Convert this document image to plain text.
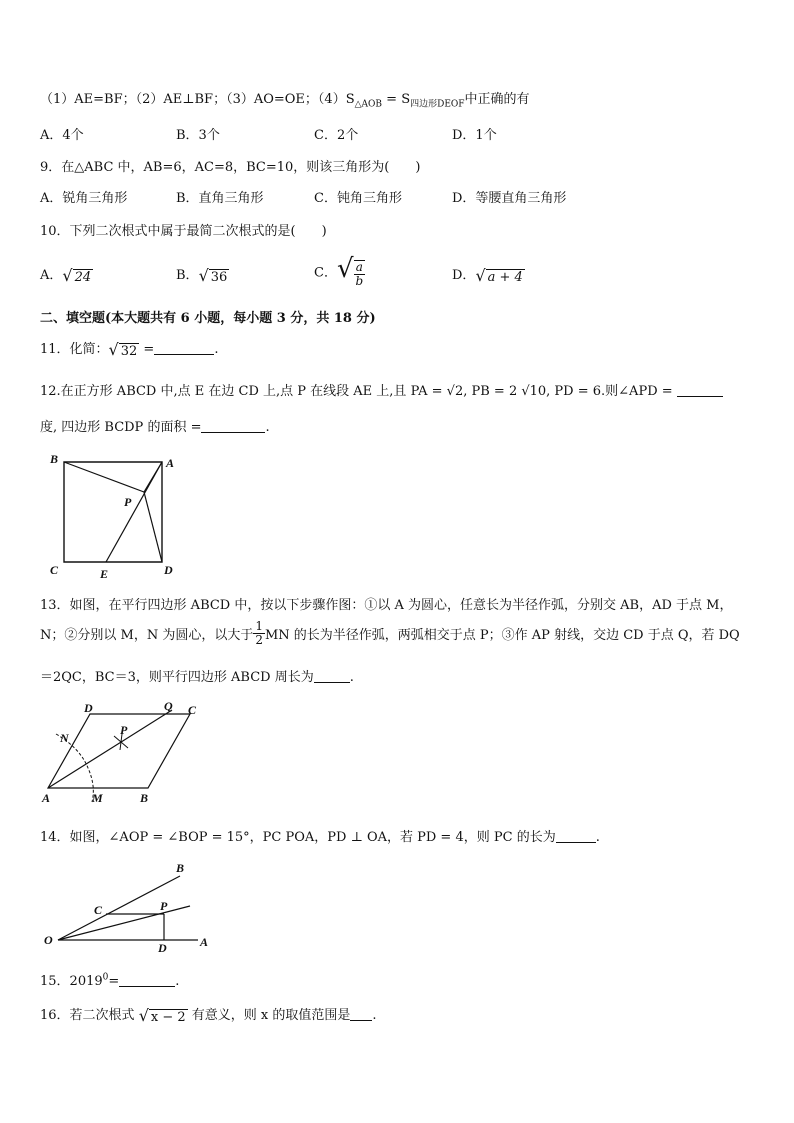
（1）AE=BF；（2）AE⊥BF；（3）AO=OE；$(4)S_{\triangle AOB} = S_{四边形DEOF}$中正确的有
A．4个	B．3个	C．2个	D．1个
9．在△ABC 中，AB=6，AC=8，BC=10，则该三角形为(　　)
A．锐角三角形	B．直角三角形	C．钝角三角形	D．等腰直角三角形
10．下列二次根式中属于最简二次根式的是(　　)
A．√ 24	B．√ 36	C．√ $\frac{a}{b}$	D．√ a + 4
二、填空题(本大题共有 6 小题，每小题 3 分，共 18 分)
11．化简：√ 32 =	.
12.在正方形 ABCD 中,点 E 在边 CD 上,点 P 在线段 AE 上,且 PA = √2, PB = 2 √10, PD = 6.则∠APD =
度, 四边形 BCDP 的面积 =	.
B	A
P
C	E	D
13．如图，在平行四边形 ABCD 中，按以下步骤作图：①以 A 为圆心，任意长为半径作弧，分别交 AB，AD 于点 M，
N；②分别以 M，N 为圆心，以大于 $\frac{1}{2}$ MN 的长为半径作弧，两弧相交于点 P；③作 AP 射线，交边 CD 于点 Q，若 DQ
＝2QC，BC＝3，则平行四边形 ABCD 周长为	.
D	Q C
N
P
A	M	B
14．如图，∠AOP = ∠BOP = 15°，PC POA，PD ⊥ OA，若 PD = 4，则 PC 的长为	.
B
C	P
O
D	A
15．$2019^0=$	.
16．若二次根式 √ x − 2 有意义，则 x 的取值范围是 .
